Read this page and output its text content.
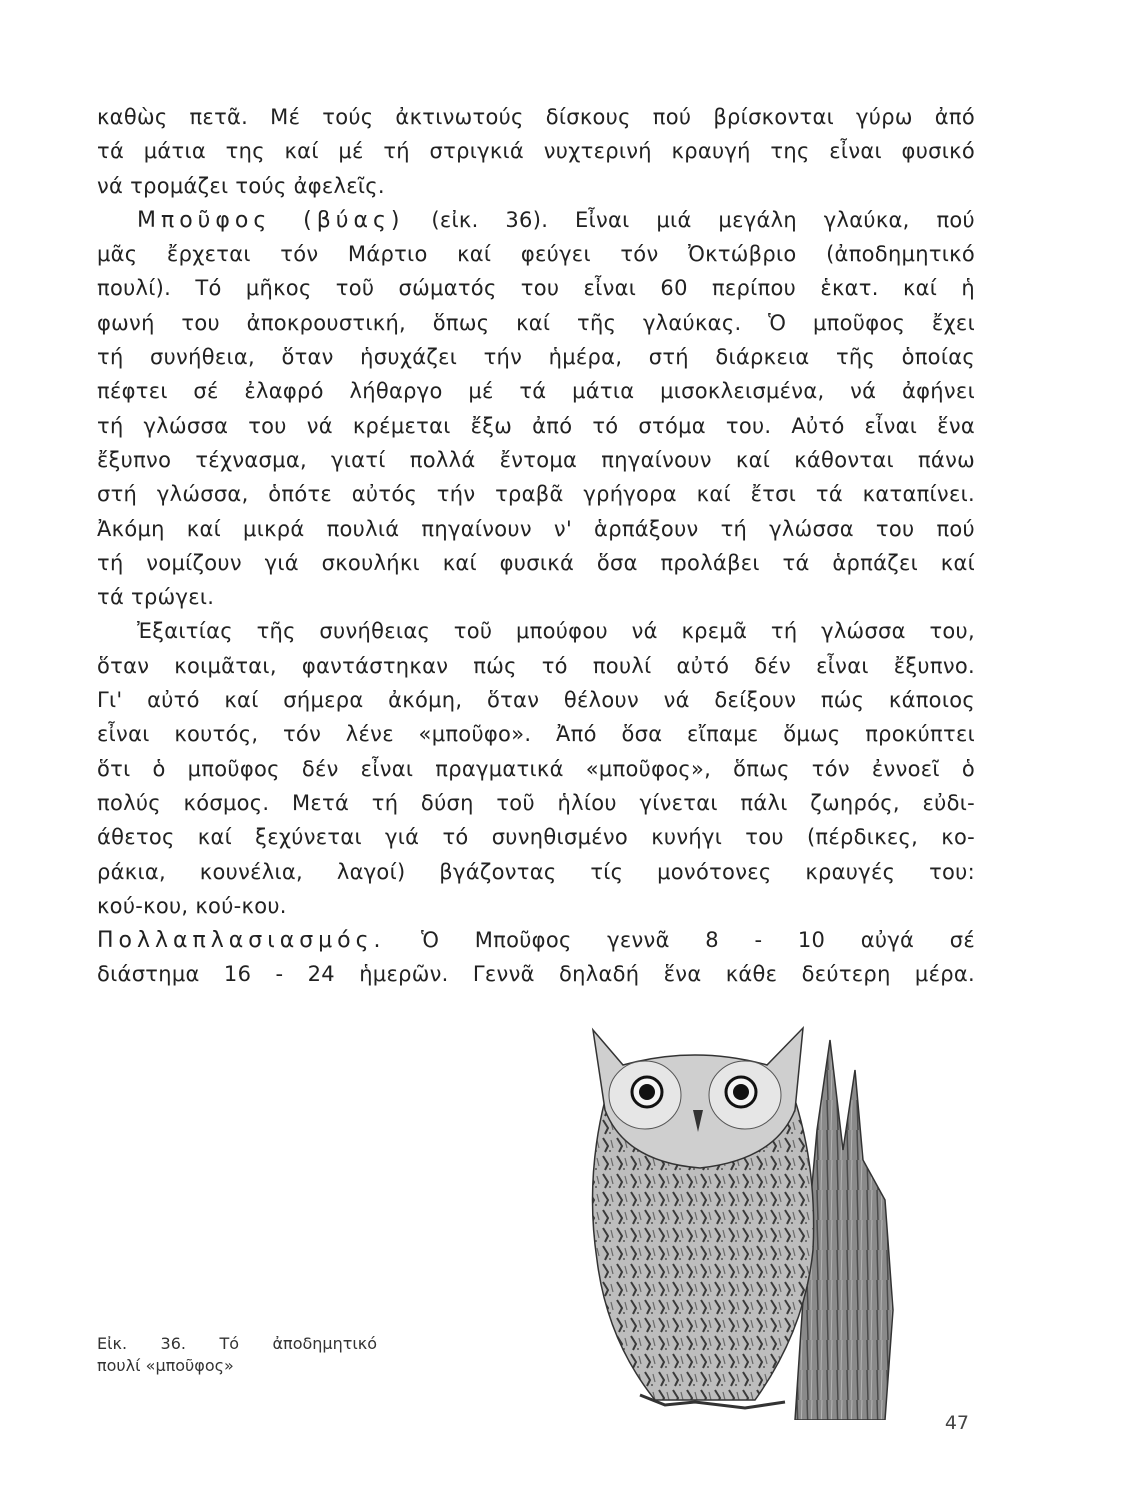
καθὼς πετᾶ. Μέ τούς ἀκτινωτούς δίσκους πού βρίσκονται γύρω ἀπό
τά μάτια της καί μέ τή στριγκιά νυχτερινή κραυγή της εἶναι φυσικό
νά τρομάζει τούς ἀφελεῖς.
Μποῦφος (βύας) (εἰκ. 36). Εἶναι μιά μεγάλη γλαύκα, πού
μᾶς ἔρχεται τόν Μάρτιο καί φεύγει τόν Ὀκτώβριο (ἀποδημητικό
πουλί). Τό μῆκος τοῦ σώματός του εἶναι 60 περίπου ἑκατ. καί ἡ
φωνή του ἀποκρουστική, ὅπως καί τῆς γλαύκας. Ὁ μποῦφος ἔχει
τή συνήθεια, ὅταν ἡσυχάζει τήν ἡμέρα, στή διάρκεια τῆς ὁποίας
πέφτει σέ ἐλαφρό λήθαργο μέ τά μάτια μισοκλεισμένα, νά ἀφήνει
τή γλώσσα του νά κρέμεται ἔξω ἀπό τό στόμα του. Αὐτό εἶναι ἕνα
ἔξυπνο τέχνασμα, γιατί πολλά ἔντομα πηγαίνουν καί κάθονται πάνω
στή γλώσσα, ὁπότε αὐτός τήν τραβᾶ γρήγορα καί ἔτσι τά καταπίνει.
Ἀκόμη καί μικρά πουλιά πηγαίνουν ν' ἁρπάξουν τή γλώσσα του πού
τή νομίζουν γιά σκουλήκι καί φυσικά ὅσα προλάβει τά ἁρπάζει καί
τά τρώγει.
Ἐξαιτίας τῆς συνήθειας τοῦ μπούφου νά κρεμᾶ τή γλώσσα του,
ὅταν κοιμᾶται, φαντάστηκαν πώς τό πουλί αὐτό δέν εἶναι ἔξυπνο.
Γι' αὐτό καί σήμερα ἀκόμη, ὅταν θέλουν νά δείξουν πώς κάποιος
εἶναι κουτός, τόν λένε «μποῦφο». Ἀπό ὅσα εἴπαμε ὅμως προκύπτει
ὅτι ὁ μποῦφος δέν εἶναι πραγματικά «μποῦφος», ὅπως τόν ἐννοεῖ ὁ
πολύς κόσμος. Μετά τή δύση τοῦ ἡλίου γίνεται πάλι ζωηρός, εὐδι-
άθετος καί ξεχύνεται γιά τό συνηθισμένο κυνήγι του (πέρδικες, κο-
ράκια, κουνέλια, λαγοί) βγάζοντας τίς μονότονες κραυγές του:
κού-κου, κού-κου.
Πολλαπλασιασμός. Ὁ Μποῦφος γεννᾶ 8 - 10 αὐγά σέ
διάστημα 16 - 24 ἡμερῶν. Γεννᾶ δηλαδή ἕνα κάθε δεύτερη μέρα.
Εἰκ. 36. Τό ἀποδημητικό
πουλί «μποῦφος»
47
